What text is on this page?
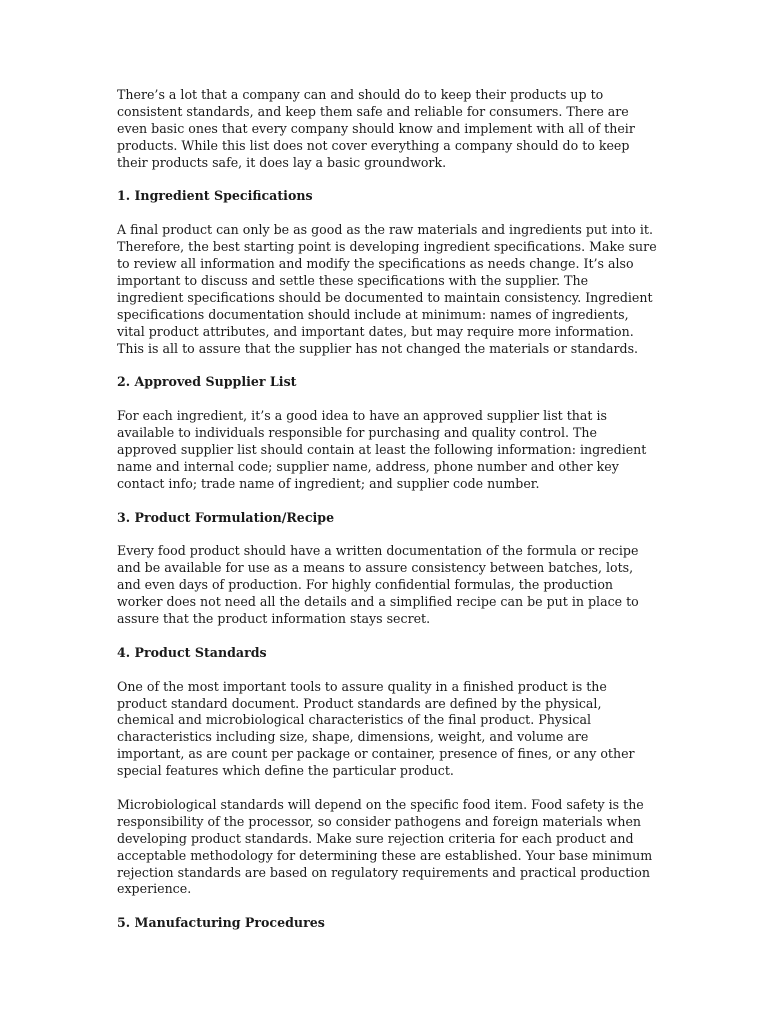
There’s a lot that a company can and should do to keep their products up to consistent standards, and keep them safe and reliable for consumers. There are even basic ones that every company should know and implement with all of their products. While this list does not cover everything a company should do to keep their products safe, it does lay a basic groundwork.

1. Ingredient Specifications

A final product can only be as good as the raw materials and ingredients put into it. Therefore, the best starting point is developing ingredient specifications. Make sure to review all information and modify the specifications as needs change. It’s also important to discuss and settle these specifications with the supplier. The ingredient specifications should be documented to maintain consistency. Ingredient specifications documentation should include at minimum: names of ingredients, vital product attributes, and important dates, but may require more information. This is all to assure that the supplier has not changed the materials or standards.

2. Approved Supplier List

For each ingredient, it’s a good idea to have an approved supplier list that is available to individuals responsible for purchasing and quality control. The approved supplier list should contain at least the following information: ingredient name and internal code; supplier name, address, phone number and other key contact info; trade name of ingredient; and supplier code number.

3. Product Formulation/Recipe

Every food product should have a written documentation of the formula or recipe and be available for use as a means to assure consistency between batches, lots, and even days of production. For highly confidential formulas, the production worker does not need all the details and a simplified recipe can be put in place to assure that the product information stays secret.

4. Product Standards

One of the most important tools to assure quality in a finished product is the product standard document. Product standards are defined by the physical, chemical and microbiological characteristics of the final product. Physical characteristics including size, shape, dimensions, weight, and volume are important, as are count per package or container, presence of fines, or any other special features which define the particular product.

Microbiological standards will depend on the specific food item. Food safety is the responsibility of the processor, so consider pathogens and foreign materials when developing product standards. Make sure rejection criteria for each product and acceptable methodology for determining these are established. Your base minimum rejection standards are based on regulatory requirements and practical production experience.

5. Manufacturing Procedures
